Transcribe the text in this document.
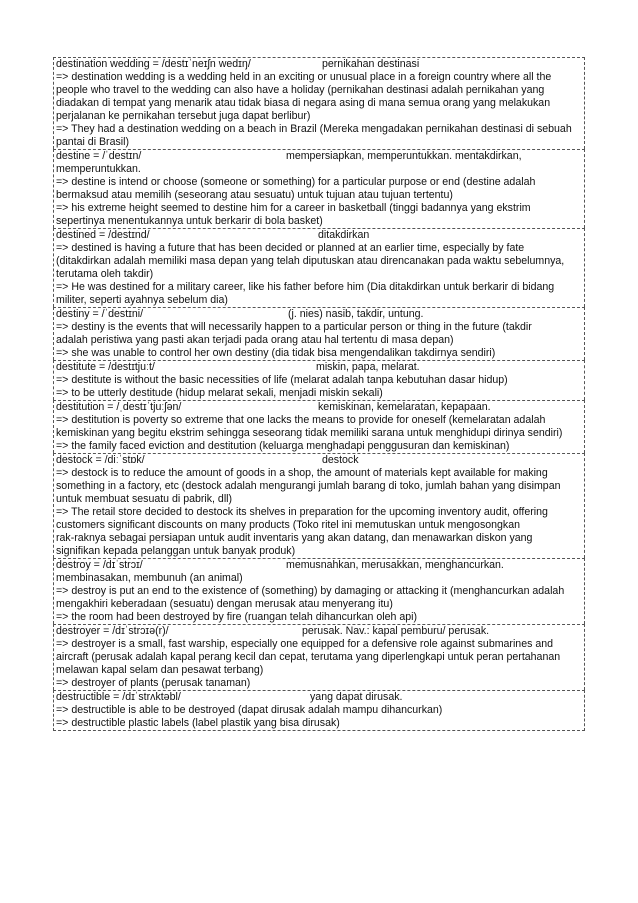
destination wedding = /destɪˈneɪʃn wedɪŋ/	pernikahan destinasi
=> destination wedding is a wedding held in an exciting or unusual place in a foreign country where all the
people who travel to the wedding can also have a holiday (pernikahan destinasi adalah pernikahan yang
diadakan di tempat yang menarik atau tidak biasa di negara asing di mana semua orang yang melakukan
perjalanan ke pernikahan tersebut juga dapat berlibur)
=> They had a destination wedding on a beach in Brazil (Mereka mengadakan pernikahan destinasi di sebuah
pantai di Brasil)
destine = /ˈdestɪn/	mempersiapkan, memperuntukkan. mentakdirkan,
memperuntukkan.
=> destine is intend or choose (someone or something) for a particular purpose or end (destine adalah
bermaksud atau memilih (seseorang atau sesuatu) untuk tujuan atau tujuan tertentu)
=> his extreme height seemed to destine him for a career in basketball (tinggi badannya yang ekstrim
sepertinya menentukannya untuk berkarir di bola basket)
destined = /destɪnd/	ditakdirkan
=> destined is having a future that has been decided or planned at an earlier time, especially by fate
(ditakdirkan adalah memiliki masa depan yang telah diputuskan atau direncanakan pada waktu sebelumnya,
terutama oleh takdir)
=> He was destined for a military career, like his father before him (Dia ditakdirkan untuk berkarir di bidang
militer, seperti ayahnya sebelum dia)
destiny = /ˈdestɪni/	(j. nies) nasib, takdir, untung.
=> destiny is the events that will necessarily happen to a particular person or thing in the future (takdir
adalah peristiwa yang pasti akan terjadi pada orang atau hal tertentu di masa depan)
=> she was unable to control her own destiny (dia tidak bisa mengendalikan takdirnya sendiri)
destitute = /destɪtjuːt/	miskin, papa, melarat.
=> destitute is without the basic necessities of life (melarat adalah tanpa kebutuhan dasar hidup)
=> to be utterly destitude (hidup melarat sekali, menjadi miskin sekali)
destitution = /ˌdestɪˈtjuːʃən/	kemiskinan, kemelaratan, kepapaan.
=> destitution is poverty so extreme that one lacks the means to provide for oneself (kemelaratan adalah
kemiskinan yang begitu ekstrim sehingga seseorang tidak memiliki sarana untuk menghidupi dirinya sendiri)
=> the family faced eviction and destitution (keluarga menghadapi penggusuran dan kemiskinan)
destock = /diːˈstɒk/	destock
=> destock is to reduce the amount of goods in a shop, the amount of materials kept available for making
something in a factory, etc (destock adalah mengurangi jumlah barang di toko, jumlah bahan yang disimpan
untuk membuat sesuatu di pabrik, dll)
=> The retail store decided to destock its shelves in preparation for the upcoming inventory audit, offering
customers significant discounts on many products (Toko ritel ini memutuskan untuk mengosongkan
rak-raknya sebagai persiapan untuk audit inventaris yang akan datang, dan menawarkan diskon yang
signifikan kepada pelanggan untuk banyak produk)
destroy = /dɪˈstrɔɪ/	memusnahkan, merusakkan, menghancurkan.
membinasakan, membunuh (an animal)
=> destroy is put an end to the existence of (something) by damaging or attacking it (menghancurkan adalah
mengakhiri keberadaan (sesuatu) dengan merusak atau menyerang itu)
=> the room had been destroyed by fire (ruangan telah dihancurkan oleh api)
destroyer = /dɪˈstrɔɪə(r)/	perusak. Nav.: kapal pemburu/ perusak.
=> destroyer is a small, fast warship, especially one equipped for a defensive role against submarines and
aircraft (perusak adalah kapal perang kecil dan cepat, terutama yang diperlengkapi untuk peran pertahanan
melawan kapal selam dan pesawat terbang)
=> destroyer of plants (perusak tanaman)
destructible = /dɪˈstrʌktəbl/	yang dapat dirusak.
=> destructible is able to be destroyed (dapat dirusak adalah mampu dihancurkan)
=> destructible plastic labels (label plastik yang bisa dirusak)
